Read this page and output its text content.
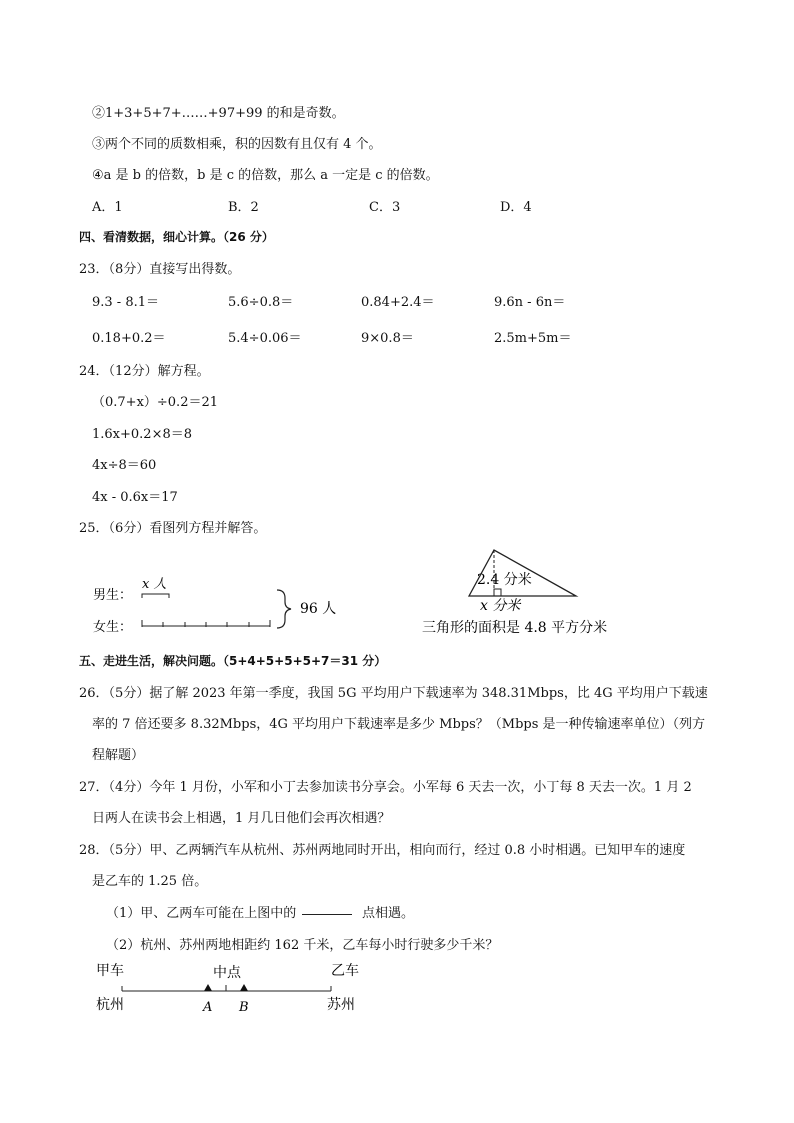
②1+3+5+7+……+97+99 的和是奇数。
③两个不同的质数相乘，积的因数有且仅有 4 个。
④a 是 b 的倍数，b 是 c 的倍数，那么 a 一定是 c 的倍数。
A．1	B．2	C．3	D．4
四、看清数据，细心计算。（26 分）
23．（8分）直接写出得数。
9.3 - 8.1＝	5.6÷0.8＝	0.84+2.4＝	9.6n - 6n＝
0.18+0.2＝	5.4÷0.06＝	9×0.8＝	2.5m+5m＝
24．（12分）解方程。
（0.7+x）÷0.2＝21
1.6x+0.2×8＝8
4x÷8＝60
4x - 0.6x＝17
25．（6分）看图列方程并解答。
男生：
女生：
x 人
96 人
2.4 分米
x 分米
三角形的面积是 4.8 平方分米
五、走进生活，解决问题。（5+4+5+5+5+7＝31 分）
26．（5分）据了解 2023 年第一季度，我国 5G 平均用户下载速率为 348.31Mbps，比 4G 平均用户下载速
率的 7 倍还要多 8.32Mbps，4G 平均用户下载速率是多少 Mbps？（Mbps 是一种传输速率单位）（列方
程解题）
27．（4分）今年 1 月份，小军和小丁去参加读书分享会。小军每 6 天去一次，小丁每 8 天去一次。1 月 2
日两人在读书会上相遇，1 月几日他们会再次相遇？
28．（5分）甲、乙两辆汽车从杭州、苏州两地同时开出，相向而行，经过 0.8 小时相遇。已知甲车的速度
是乙车的 1.25 倍。
（1）甲、乙两车可能在上图中的	点相遇。
（2）杭州、苏州两地相距约 162 千米，乙车每小时行驶多少千米？
甲车	中点	乙车
杭州	A B	苏州
